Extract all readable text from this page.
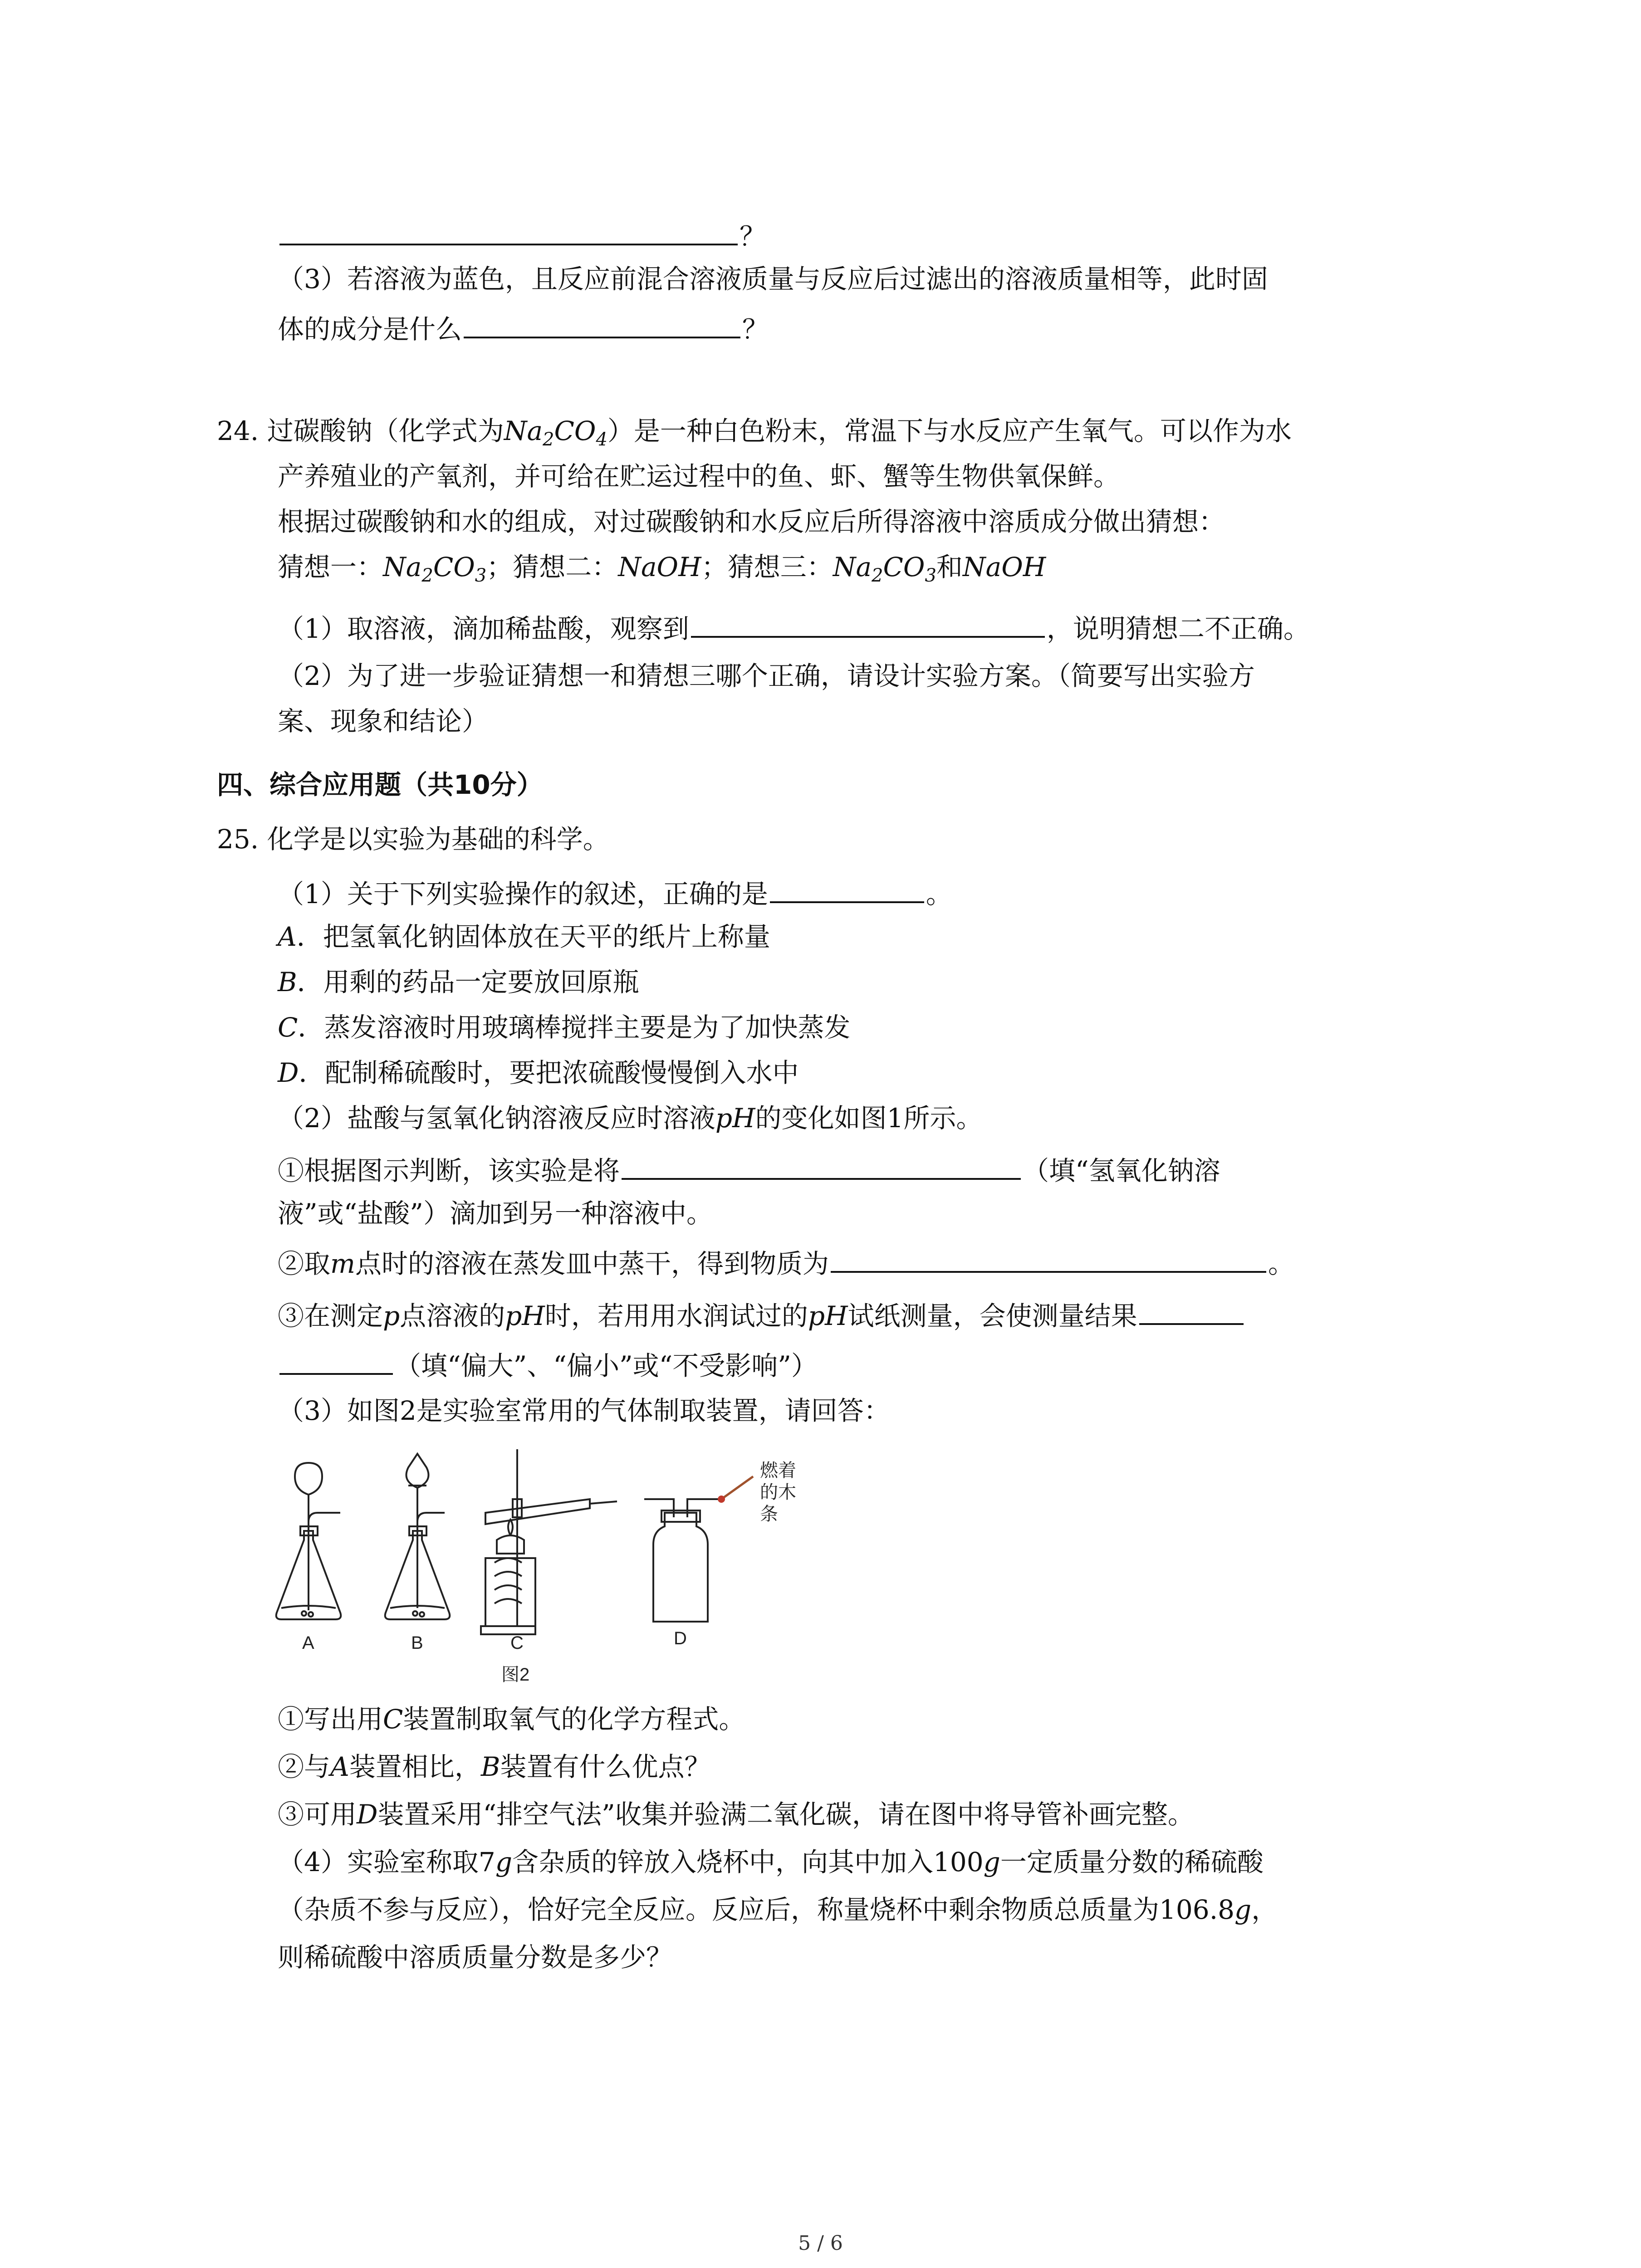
？
（3）若溶液为蓝色，且反应前混合溶液质量与反应后过滤出的溶液质量相等，此时固
体的成分是什么	？
24. 过碳酸钠（化学式为$Na_2CO_4$）是一种白色粉末，常温下与水反应产生氧气。可以作为水
产养殖业的产氧剂，并可给在贮运过程中的鱼、虾、蟹等生物供氧保鲜。
根据过碳酸钠和水的组成，对过碳酸钠和水反应后所得溶液中溶质成分做出猜想：
猜想一：$Na_2CO_3$；猜想二：NaOH；猜想三：$Na_2CO_3$和NaOH
（1）取溶液，滴加稀盐酸，观察到	，说明猜想二不正确。
（2）为了进一步验证猜想一和猜想三哪个正确，请设计实验方案。（简要写出实验方
案、现象和结论）
四、综合应用题（共10分）
25. 化学是以实验为基础的科学。
（1）关于下列实验操作的叙述，正确的是	。
A．把氢氧化钠固体放在天平的纸片上称量
B．用剩的药品一定要放回原瓶
C．蒸发溶液时用玻璃棒搅拌主要是为了加快蒸发
D．配制稀硫酸时，要把浓硫酸慢慢倒入水中
（2）盐酸与氢氧化钠溶液反应时溶液pH的变化如图1所示。
①根据图示判断，该实验是将	（填“氢氧化钠溶
液”或“盐酸”）滴加到另一种溶液中。
②取m点时的溶液在蒸发皿中蒸干，得到物质为	。
③在测定p点溶液的pH时，若用用水润试过的pH试纸测量，会使测量结果
（填“偏大”、“偏小”或“不受影响”）
（3）如图2是实验室常用的气体制取装置，请回答：
A	B	C	D
图2
燃着
的木
条
①写出用C装置制取氧气的化学方程式。
②与A装置相比，B装置有什么优点？
③可用D装置采用“排空气法”收集并验满二氧化碳，请在图中将导管补画完整。
（4）实验室称取7g含杂质的锌放入烧杯中，向其中加入100g一定质量分数的稀硫酸
（杂质不参与反应），恰好完全反应。反应后，称量烧杯中剩余物质总质量为106.8g，
则稀硫酸中溶质质量分数是多少？
5 / 6
